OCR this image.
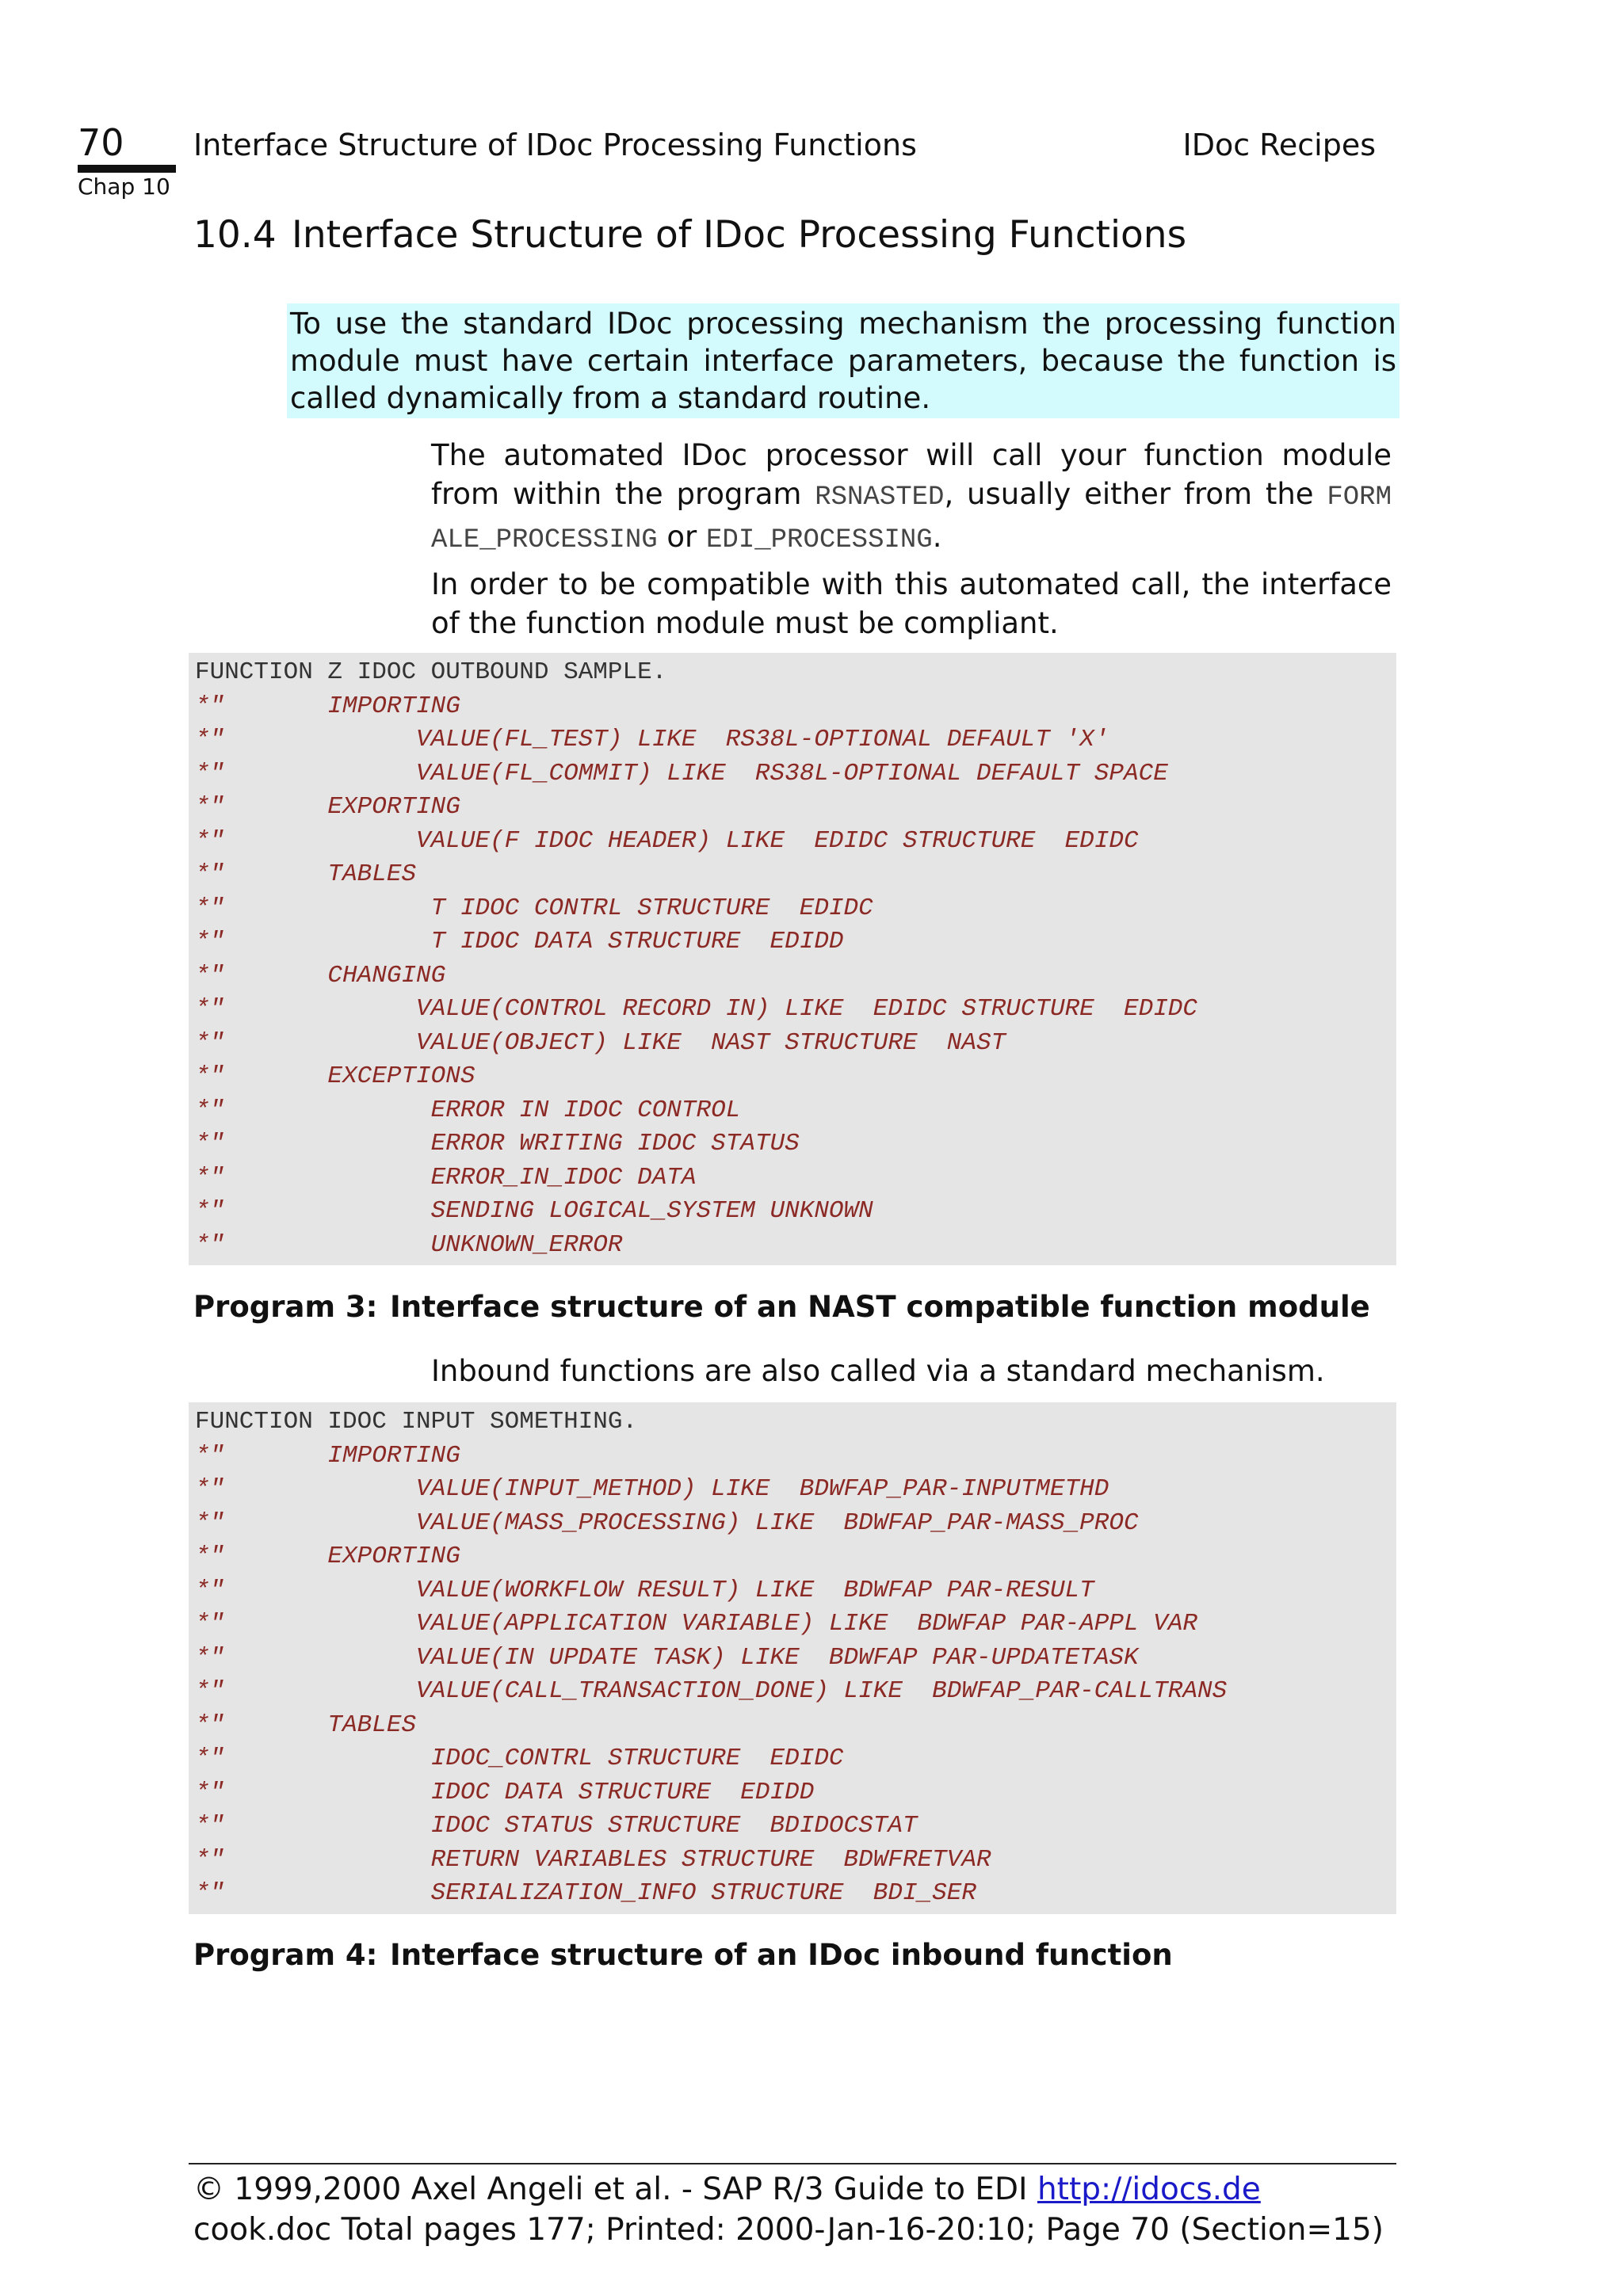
70
Chap 10
Interface Structure of IDoc Processing Functions	IDoc Recipes
10.4 Interface Structure of IDoc Processing Functions
To use the standard IDoc processing mechanism the processing function module must have certain interface parameters, because the function is called dynamically from a standard routine.
The automated IDoc processor will call your function module from within the program RSNASTED, usually either from the FORM ALE_PROCESSING or EDI_PROCESSING.
In order to be compatible with this automated call, the interface of the function module must be compliant.
FUNCTION Z IDOC OUTBOUND SAMPLE.
*"       IMPORTING
*"             VALUE(FL_TEST) LIKE  RS38L-OPTIONAL DEFAULT 'X'
*"             VALUE(FL_COMMIT) LIKE  RS38L-OPTIONAL DEFAULT SPACE
*"       EXPORTING
*"             VALUE(F IDOC HEADER) LIKE  EDIDC STRUCTURE  EDIDC
*"       TABLES
*"              T IDOC CONTRL STRUCTURE  EDIDC
*"              T IDOC DATA STRUCTURE  EDIDD
*"       CHANGING
*"             VALUE(CONTROL RECORD IN) LIKE  EDIDC STRUCTURE  EDIDC
*"             VALUE(OBJECT) LIKE  NAST STRUCTURE  NAST
*"       EXCEPTIONS
*"              ERROR IN IDOC CONTROL
*"              ERROR WRITING IDOC STATUS
*"              ERROR_IN_IDOC DATA
*"              SENDING LOGICAL_SYSTEM UNKNOWN
*"              UNKNOWN_ERROR
Program 3: Interface structure of an NAST compatible function module
Inbound functions are also called via a standard mechanism.
FUNCTION IDOC INPUT SOMETHING.
*"       IMPORTING
*"             VALUE(INPUT_METHOD) LIKE  BDWFAP_PAR-INPUTMETHD
*"             VALUE(MASS_PROCESSING) LIKE  BDWFAP_PAR-MASS_PROC
*"       EXPORTING
*"             VALUE(WORKFLOW RESULT) LIKE  BDWFAP PAR-RESULT
*"             VALUE(APPLICATION VARIABLE) LIKE  BDWFAP PAR-APPL VAR
*"             VALUE(IN UPDATE TASK) LIKE  BDWFAP PAR-UPDATETASK
*"             VALUE(CALL_TRANSACTION_DONE) LIKE  BDWFAP_PAR-CALLTRANS
*"       TABLES
*"              IDOC_CONTRL STRUCTURE  EDIDC
*"              IDOC DATA STRUCTURE  EDIDD
*"              IDOC STATUS STRUCTURE  BDIDOCSTAT
*"              RETURN VARIABLES STRUCTURE  BDWFRETVAR
*"              SERIALIZATION_INFO STRUCTURE  BDI_SER
Program 4: Interface structure of an IDoc inbound function
© 1999,2000 Axel Angeli et al. - SAP R/3 Guide to EDI http://idocs.de
cook.doc Total pages 177; Printed: 2000-Jan-16-20:10; Page 70 (Section=15)
